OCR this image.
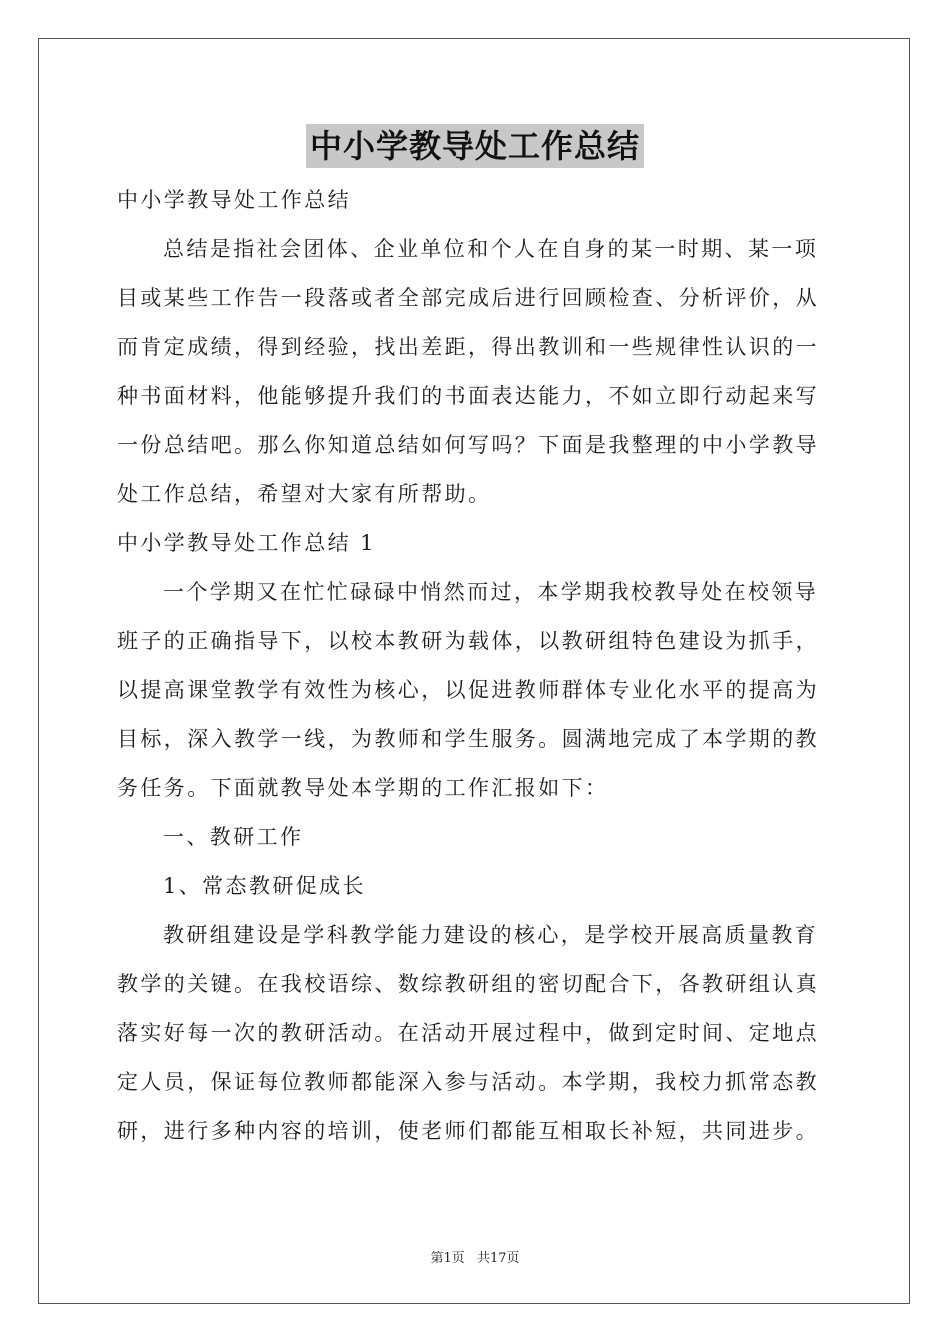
中小学教导处工作总结

中小学教导处工作总结

总结是指社会团体、企业单位和个人在自身的某一时期、某一项目或某些工作告一段落或者全部完成后进行回顾检查、分析评价，从而肯定成绩，得到经验，找出差距，得出教训和一些规律性认识的一种书面材料，他能够提升我们的书面表达能力，不如立即行动起来写一份总结吧。那么你知道总结如何写吗？下面是我整理的中小学教导处工作总结，希望对大家有所帮助。

中小学教导处工作总结 1

一个学期又在忙忙碌碌中悄然而过，本学期我校教导处在校领导班子的正确指导下，以校本教研为载体，以教研组特色建设为抓手，以提高课堂教学有效性为核心，以促进教师群体专业化水平的提高为目标，深入教学一线，为教师和学生服务。圆满地完成了本学期的教务任务。下面就教导处本学期的工作汇报如下：

一、教研工作

1、常态教研促成长

教研组建设是学科教学能力建设的核心，是学校开展高质量教育教学的关键。在我校语综、数综教研组的密切配合下，各教研组认真落实好每一次的教研活动。在活动开展过程中，做到定时间、定地点定人员，保证每位教师都能深入参与活动。本学期，我校力抓常态教研，进行多种内容的培训，使老师们都能互相取长补短，共同进步。

第1页 共17页
